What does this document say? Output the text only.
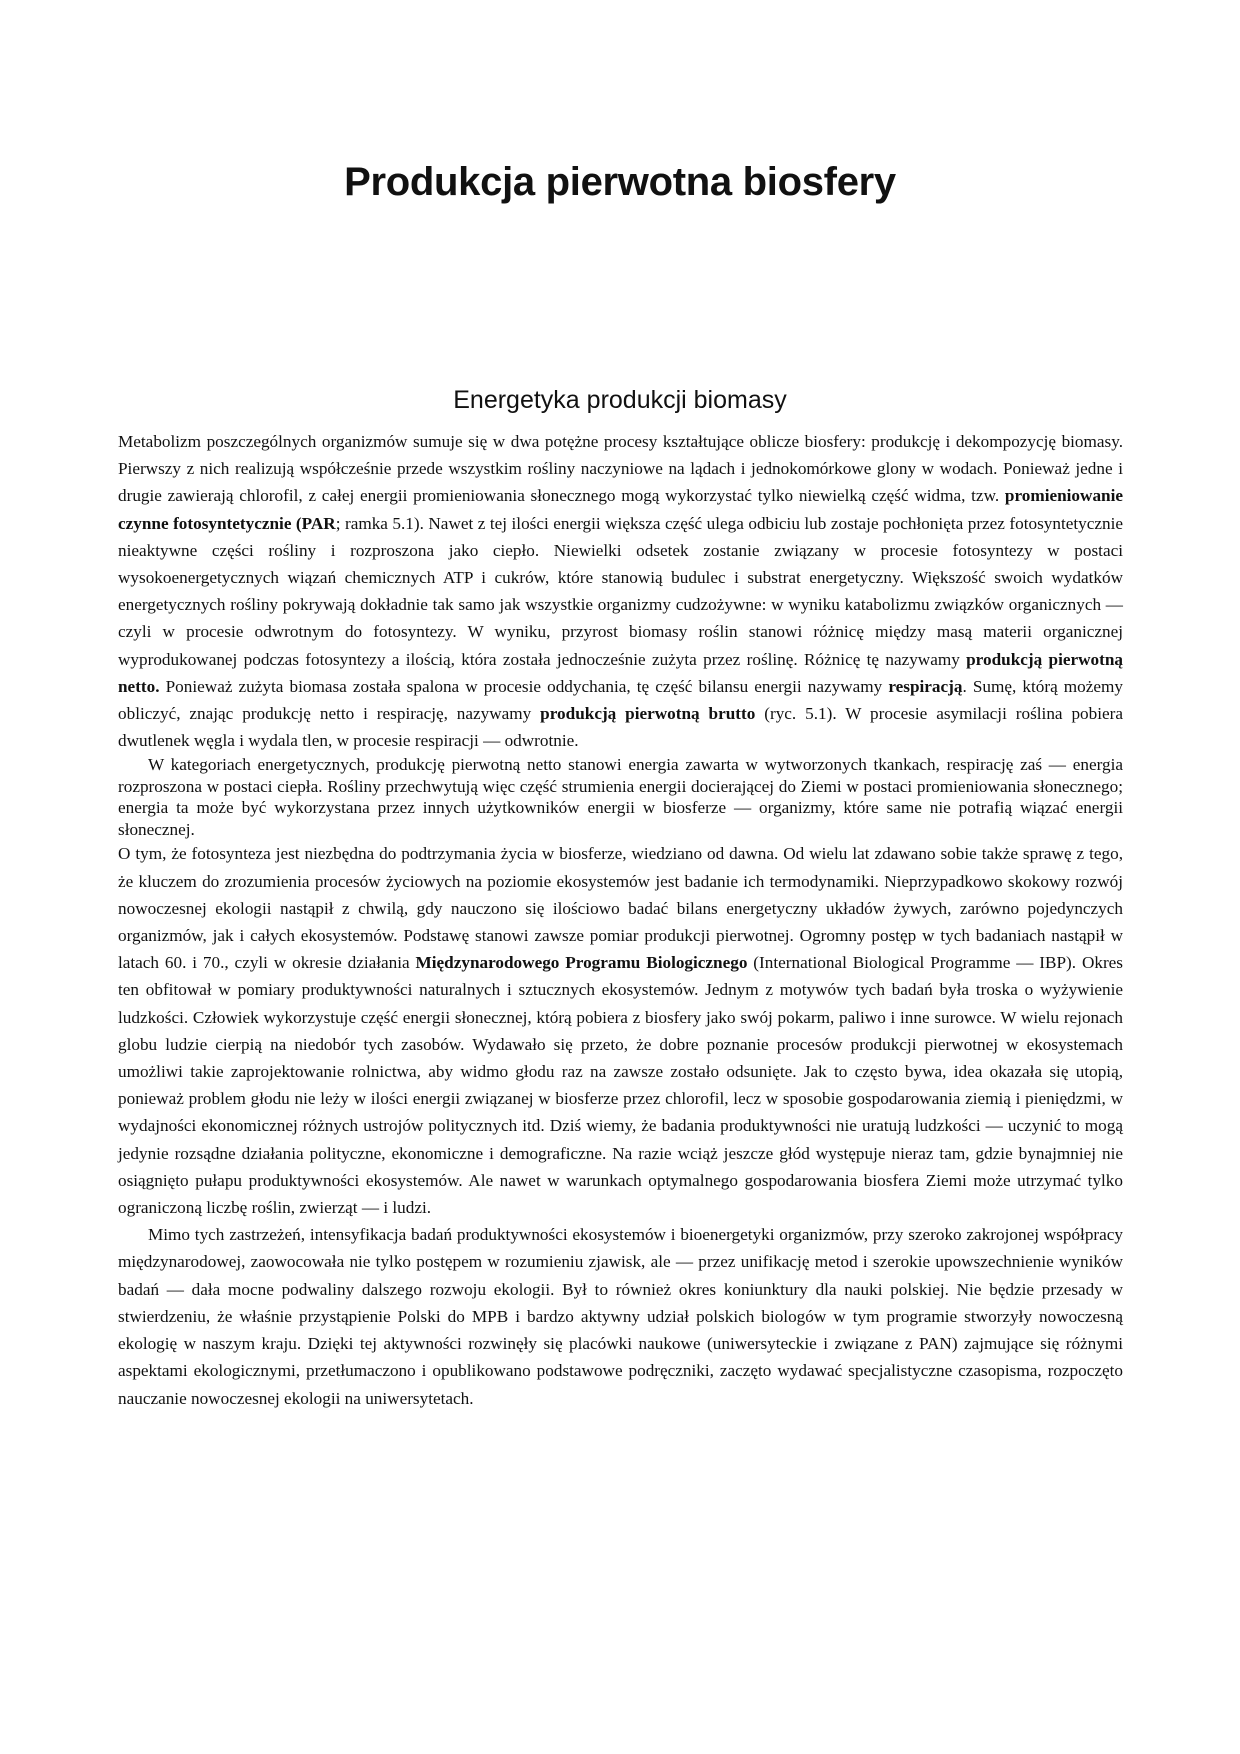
Produkcja pierwotna biosfery
Energetyka produkcji biomasy

Metabolizm poszczególnych organizmów sumuje się w dwa potężne procesy kształtujące oblicze biosfery: produkcję i dekompozycję biomasy. Pierwszy z nich realizują współcześnie przede wszystkim rośliny naczyniowe na lądach i jednokomórkowe glony w wodach. Ponieważ jedne i drugie zawierają chlorofil, z całej energii promieniowania słonecznego mogą wykorzystać tylko niewielką część widma, tzw. promieniowanie czynne fotosyntetycznie (PAR; ramka 5.1). Nawet z tej ilości energii większa część ulega odbiciu lub zostaje pochłonięta przez fotosyntetycznie nieaktywne części rośliny i rozproszona jako ciepło. Niewielki odsetek zostanie związany w procesie fotosyntezy w postaci wysokoenergetycznych wiązań chemicznych ATP i cukrów, które stanowią budulec i substrat energetyczny. Większość swoich wydatków energetycznych rośliny pokrywają dokładnie tak samo jak wszystkie organizmy cudzożywne: w wyniku katabolizmu związków organicznych — czyli w procesie odwrotnym do fotosyntezy. W wyniku, przyrost biomasy roślin stanowi różnicę między masą materii organicznej wyprodukowanej podczas fotosyntezy a ilością, która została jednocześnie zużyta przez roślinę. Różnicę tę nazywamy produkcją pierwotną netto. Ponieważ zużyta biomasa została spalona w procesie oddychania, tę część bilansu energii nazywamy respiracją. Sumę, którą możemy obliczyć, znając produkcję netto i respirację, nazywamy produkcją pierwotną brutto (ryc. 5.1). W procesie asymilacji roślina pobiera dwutlenek węgla i wydala tlen, w procesie respiracji — odwrotnie.

W kategoriach energetycznych, produkcję pierwotną netto stanowi energia zawarta w wytworzonych tkankach, respirację zaś — energia rozproszona w postaci ciepła. Rośliny przechwytują więc część strumienia energii docierającej do Ziemi w postaci promieniowania słonecznego; energia ta może być wykorzystana przez innych użytkowników energii w biosferze — organizmy, które same nie potrafią wiązać energii słonecznej.

O tym, że fotosynteza jest niezbędna do podtrzymania życia w biosferze, wiedziano od dawna. Od wielu lat zdawano sobie także sprawę z tego, że kluczem do zrozumienia procesów życiowych na poziomie ekosystemów jest badanie ich termodynamiki. Nieprzypadkowo skokowy rozwój nowoczesnej ekologii nastąpił z chwilą, gdy nauczono się ilościowo badać bilans energetyczny układów żywych, zarówno pojedynczych organizmów, jak i całych ekosystemów. Podstawę stanowi zawsze pomiar produkcji pierwotnej. Ogromny postęp w tych badaniach nastąpił w latach 60. i 70., czyli w okresie działania Międzynarodowego Programu Biologicznego (International Biological Programme — IBP). Okres ten obfitował w pomiary produktywności naturalnych i sztucznych ekosystemów. Jednym z motywów tych badań była troska o wyżywienie ludzkości. Człowiek wykorzystuje część energii słonecznej, którą pobiera z biosfery jako swój pokarm, paliwo i inne surowce. W wielu rejonach globu ludzie cierpią na niedobór tych zasobów. Wydawało się przeto, że dobre poznanie procesów produkcji pierwotnej w ekosystemach umożliwi takie zaprojektowanie rolnictwa, aby widmo głodu raz na zawsze zostało odsunięte. Jak to często bywa, idea okazała się utopią, ponieważ problem głodu nie leży w ilości energii związanej w biosferze przez chlorofil, lecz w sposobie gospodarowania ziemią i pieniędzmi, w wydajności ekonomicznej różnych ustrojów politycznych itd. Dziś wiemy, że badania produktywności nie uratują ludzkości — uczynić to mogą jedynie rozsądne działania polityczne, ekonomiczne i demograficzne. Na razie wciąż jeszcze głód występuje nieraz tam, gdzie bynajmniej nie osiągnięto pułapu produktywności ekosystemów. Ale nawet w warunkach optymalnego gospodarowania biosfera Ziemi może utrzymać tylko ograniczoną liczbę roślin, zwierząt — i ludzi.

Mimo tych zastrzeżeń, intensyfikacja badań produktywności ekosystemów i bioenergetyki organizmów, przy szeroko zakrojonej współpracy międzynarodowej, zaowocowała nie tylko postępem w rozumieniu zjawisk, ale — przez unifikację metod i szerokie upowszechnienie wyników badań — dała mocne podwaliny dalszego rozwoju ekologii. Był to również okres koniunktury dla nauki polskiej. Nie będzie przesady w stwierdzeniu, że właśnie przystąpienie Polski do MPB i bardzo aktywny udział polskich biologów w tym programie stworzyły nowoczesną ekologię w naszym kraju. Dzięki tej aktywności rozwinęły się placówki naukowe (uniwersyteckie i związane z PAN) zajmujące się różnymi aspektami ekologicznymi, przetłumaczono i opublikowano podstawowe podręczniki, zaczęto wydawać specjalistyczne czasopisma, rozpoczęto nauczanie nowoczesnej ekologii na uniwersytetach.
